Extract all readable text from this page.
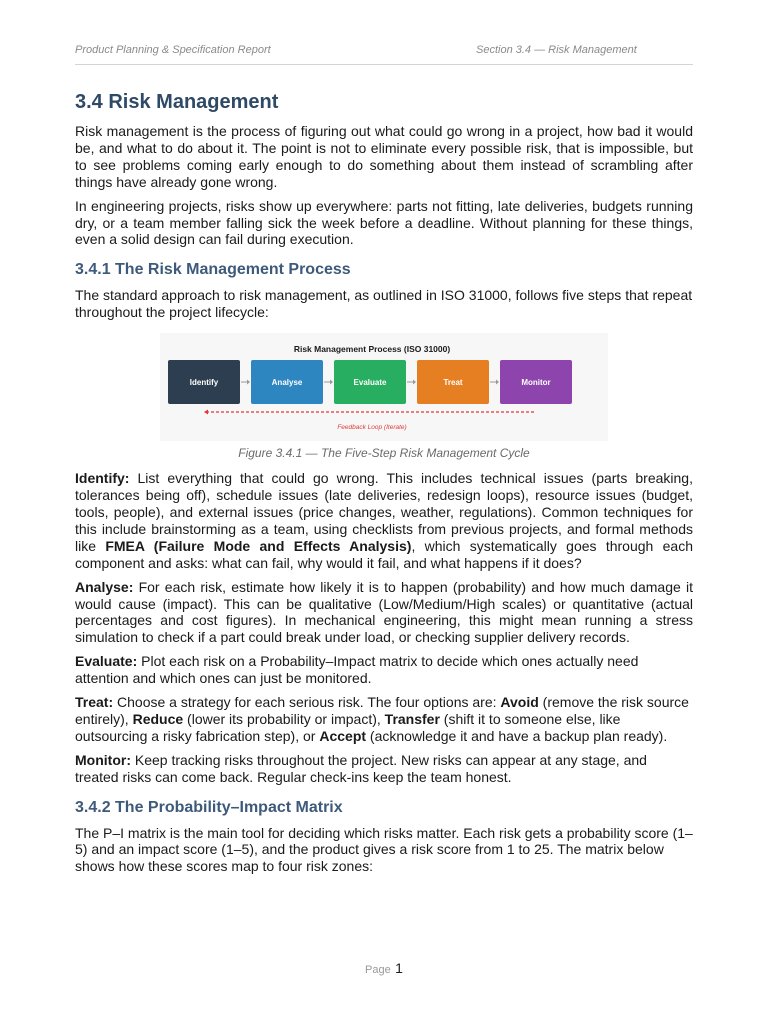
Product Planning & Specification Report	Section 3.4 — Risk Management
3.4 Risk Management

Risk management is the process of figuring out what could go wrong in a project, how bad it would be, and what to do about it. The point is not to eliminate every possible risk, that is impossible, but to see problems coming early enough to do something about them instead of scrambling after things have already gone wrong.

In engineering projects, risks show up everywhere: parts not fitting, late deliveries, budgets running dry, or a team member falling sick the week before a deadline. Without planning for these things, even a solid design can fail during execution.

3.4.1 The Risk Management Process

The standard approach to risk management, as outlined in ISO 31000, follows five steps that repeat throughout the project lifecycle:

Risk Management Process (ISO 31000)
Identify	Analyse	Evaluate	Treat	Monitor
Feedback Loop (Iterate)
Figure 3.4.1 — The Five-Step Risk Management Cycle

Identify: List everything that could go wrong. This includes technical issues (parts breaking, tolerances being off), schedule issues (late deliveries, redesign loops), resource issues (budget, tools, people), and external issues (price changes, weather, regulations). Common techniques for this include brainstorming as a team, using checklists from previous projects, and formal methods like FMEA (Failure Mode and Effects Analysis), which systematically goes through each component and asks: what can fail, why would it fail, and what happens if it does?

Analyse: For each risk, estimate how likely it is to happen (probability) and how much damage it would cause (impact). This can be qualitative (Low/Medium/High scales) or quantitative (actual percentages and cost figures). In mechanical engineering, this might mean running a stress simulation to check if a part could break under load, or checking supplier delivery records.

Evaluate: Plot each risk on a Probability–Impact matrix to decide which ones actually need attention and which ones can just be monitored.

Treat: Choose a strategy for each serious risk. The four options are: Avoid (remove the risk source entirely), Reduce (lower its probability or impact), Transfer (shift it to someone else, like outsourcing a risky fabrication step), or Accept (acknowledge it and have a backup plan ready).

Monitor: Keep tracking risks throughout the project. New risks can appear at any stage, and treated risks can come back. Regular check-ins keep the team honest.

3.4.2 The Probability–Impact Matrix

The P–I matrix is the main tool for deciding which risks matter. Each risk gets a probability score (1–5) and an impact score (1–5), and the product gives a risk score from 1 to 25. The matrix below shows how these scores map to four risk zones:

Page 1
